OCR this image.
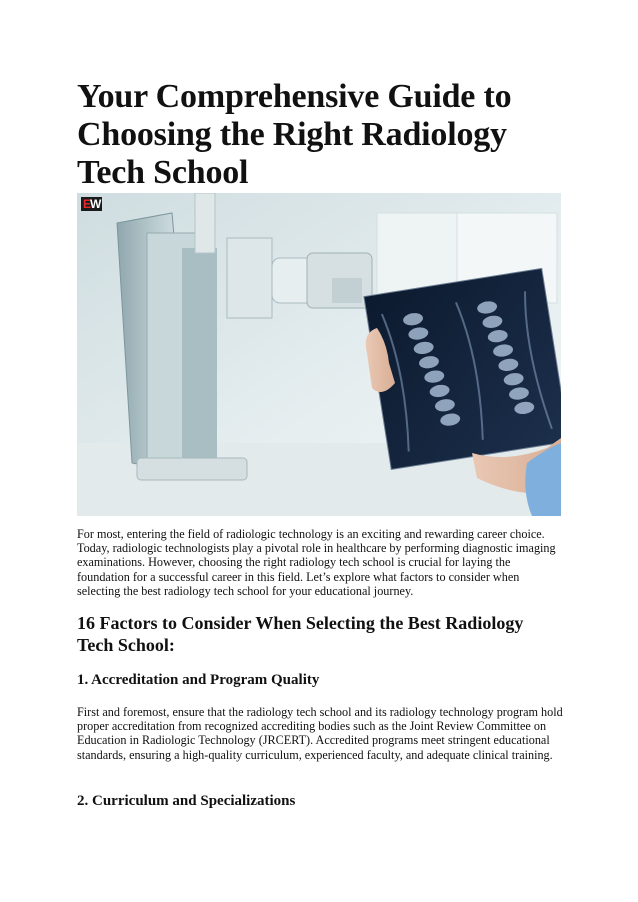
Your Comprehensive Guide to Choosing the Right Radiology Tech School
EW

For most, entering the field of radiologic technology is an exciting and rewarding career choice. Today, radiologic technologists play a pivotal role in healthcare by performing diagnostic imaging examinations. However, choosing the right radiology tech school is crucial for laying the foundation for a successful career in this field. Let’s explore what factors to consider when selecting the best radiology tech school for your educational journey.

16 Factors to Consider When Selecting the Best Radiology Tech School:
1. Accreditation and Program Quality

First and foremost, ensure that the radiology tech school and its radiology technology program hold proper accreditation from recognized accrediting bodies such as the Joint Review Committee on Education in Radiologic Technology (JRCERT). Accredited programs meet stringent educational standards, ensuring a high-quality curriculum, experienced faculty, and adequate clinical training.

2. Curriculum and Specializations
